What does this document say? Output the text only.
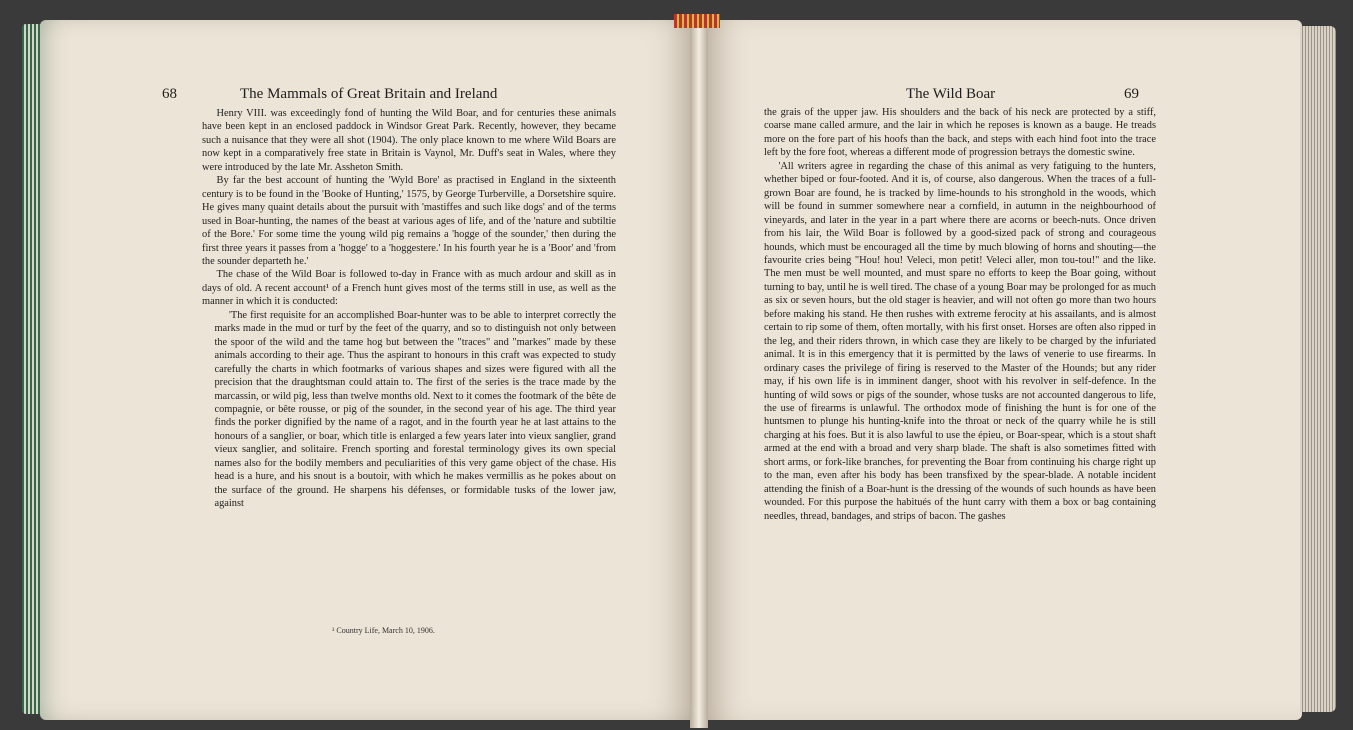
68	The Mammals of Great Britain and Ireland	The Wild Boar	69

Henry VIII. was exceedingly fond of hunting the Wild Boar, and for centuries these animals have been kept in an enclosed paddock in Windsor Great Park. Recently, however, they became such a nuisance that they were all shot (1904). The only place known to me where Wild Boars are now kept in a comparatively free state in Britain is Vaynol, Mr. Duff's seat in Wales, where they were introduced by the late Mr. Assheton Smith.

By far the best account of hunting the 'Wyld Bore' as practised in England in the sixteenth century is to be found in the 'Booke of Hunting,' 1575, by George Turberville, a Dorsetshire squire. He gives many quaint details about the pursuit with 'mastiffes and such like dogs' and of the terms used in Boar-hunting, the names of the beast at various ages of life, and of the 'nature and subtiltie of the Bore.' For some time the young wild pig remains a 'hogge of the sounder,' then during the first three years it passes from a 'hogge' to a 'hoggestere.' In his fourth year he is a 'Boor' and 'from the sounder departeth he.'

The chase of the Wild Boar is followed to-day in France with as much ardour and skill as in days of old. A recent account¹ of a French hunt gives most of the terms still in use, as well as the manner in which it is conducted:

'The first requisite for an accomplished Boar-hunter was to be able to interpret correctly the marks made in the mud or turf by the feet of the quarry, and so to distinguish not only between the spoor of the wild and the tame hog but between the "traces" and "markes" made by these animals according to their age. Thus the aspirant to honours in this craft was expected to study carefully the charts in which footmarks of various shapes and sizes were figured with all the precision that the draughtsman could attain to. The first of the series is the trace made by the marcassin, or wild pig, less than twelve months old. Next to it comes the footmark of the bête de compagnie, or bête rousse, or pig of the sounder, in the second year of his age. The third year finds the porker dignified by the name of a ragot, and in the fourth year he at last attains to the honours of a sanglier, or boar, which title is enlarged a few years later into vieux sanglier, grand vieux sanglier, and solitaire. French sporting and forestal terminology gives its own special names also for the bodily members and peculiarities of this very game object of the chase. His head is a hure, and his snout is a boutoir, with which he makes vermillis as he pokes about on the surface of the ground. He sharpens his défenses, or formidable tusks of the lower jaw, against

¹ Country Life, March 10, 1906.

the grais of the upper jaw. His shoulders and the back of his neck are protected by a stiff, coarse mane called armure, and the lair in which he reposes is known as a bauge. He treads more on the fore part of his hoofs than the back, and steps with each hind foot into the trace left by the fore foot, whereas a different mode of progression betrays the domestic swine.

'All writers agree in regarding the chase of this animal as very fatiguing to the hunters, whether biped or four-footed. And it is, of course, also dangerous. When the traces of a full-grown Boar are found, he is tracked by lime-hounds to his stronghold in the woods, which will be found in summer somewhere near a cornfield, in autumn in the neighbourhood of vineyards, and later in the year in a part where there are acorns or beech-nuts. Once driven from his lair, the Wild Boar is followed by a good-sized pack of strong and courageous hounds, which must be encouraged all the time by much blowing of horns and shouting—the favourite cries being "Hou! hou! Veleci, mon petit! Veleci aller, mon tou-tou!" and the like. The men must be well mounted, and must spare no efforts to keep the Boar going, without turning to bay, until he is well tired. The chase of a young Boar may be prolonged for as much as six or seven hours, but the old stager is heavier, and will not often go more than two hours before making his stand. He then rushes with extreme ferocity at his assailants, and is almost certain to rip some of them, often mortally, with his first onset. Horses are often also ripped in the leg, and their riders thrown, in which case they are likely to be charged by the infuriated animal. It is in this emergency that it is permitted by the laws of venerie to use firearms. In ordinary cases the privilege of firing is reserved to the Master of the Hounds; but any rider may, if his own life is in imminent danger, shoot with his revolver in self-defence. In the hunting of wild sows or pigs of the sounder, whose tusks are not accounted dangerous to life, the use of firearms is unlawful. The orthodox mode of finishing the hunt is for one of the huntsmen to plunge his hunting-knife into the throat or neck of the quarry while he is still charging at his foes. But it is also lawful to use the épieu, or Boar-spear, which is a stout shaft armed at the end with a broad and very sharp blade. The shaft is also sometimes fitted with short arms, or fork-like branches, for preventing the Boar from continuing his charge right up to the man, even after his body has been transfixed by the spear-blade. A notable incident attending the finish of a Boar-hunt is the dressing of the wounds of such hounds as have been wounded. For this purpose the habitués of the hunt carry with them a box or bag containing needles, thread, bandages, and strips of bacon. The gashes
